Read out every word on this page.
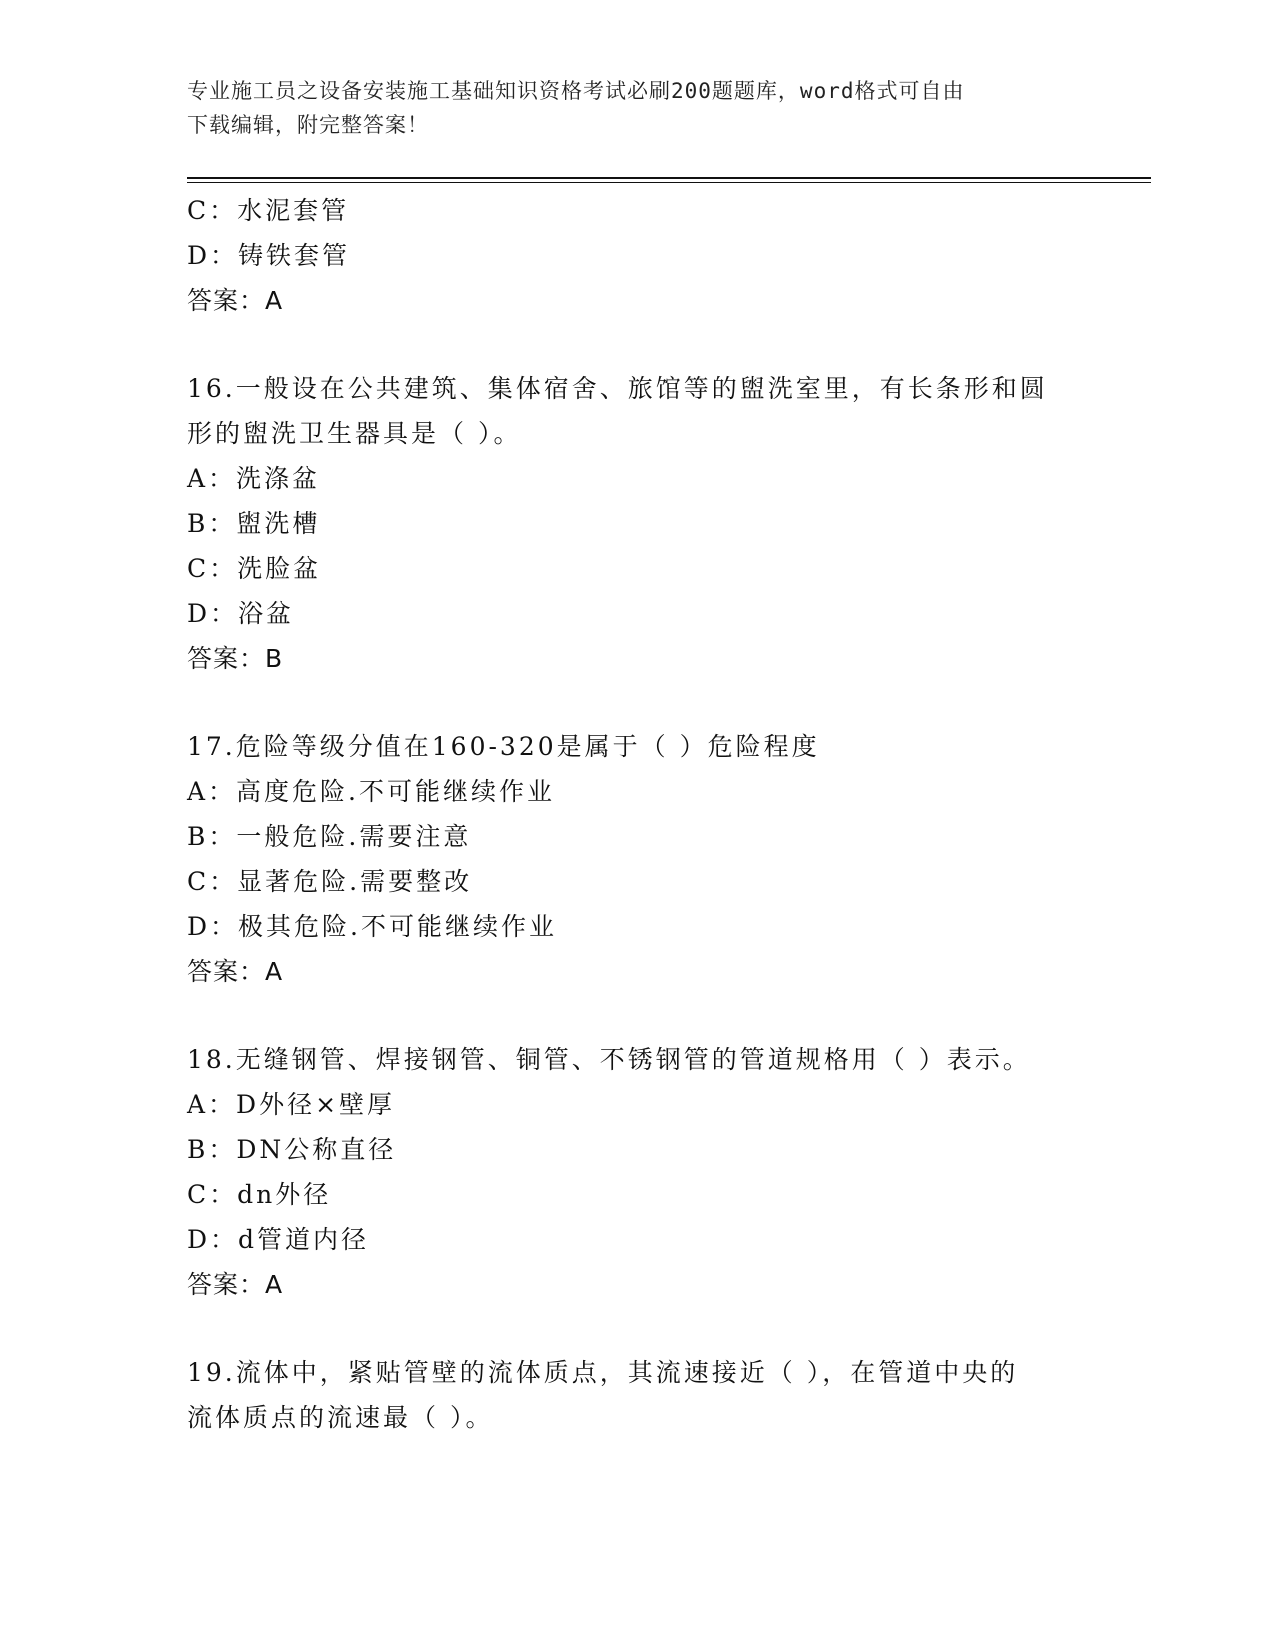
专业施工员之设备安装施工基础知识资格考试必刷200题题库，word格式可自由
下载编辑，附完整答案！
C：水泥套管
D：铸铁套管
答案：A
16.一般设在公共建筑、集体宿舍、旅馆等的盥洗室里，有长条形和圆
形的盥洗卫生器具是（ ）。
A：洗涤盆
B：盥洗槽
C：洗脸盆
D：浴盆
答案：B
17.危险等级分值在160-320是属于（ ）危险程度
A：高度危险.不可能继续作业
B：一般危险.需要注意
C：显著危险.需要整改
D：极其危险.不可能继续作业
答案：A
18.无缝钢管、焊接钢管、铜管、不锈钢管的管道规格用（ ）表示。
A：D外径×壁厚
B：DN公称直径
C：dn外径
D：d管道内径
答案：A
19.流体中，紧贴管壁的流体质点，其流速接近（ ），在管道中央的
流体质点的流速最（ ）。
